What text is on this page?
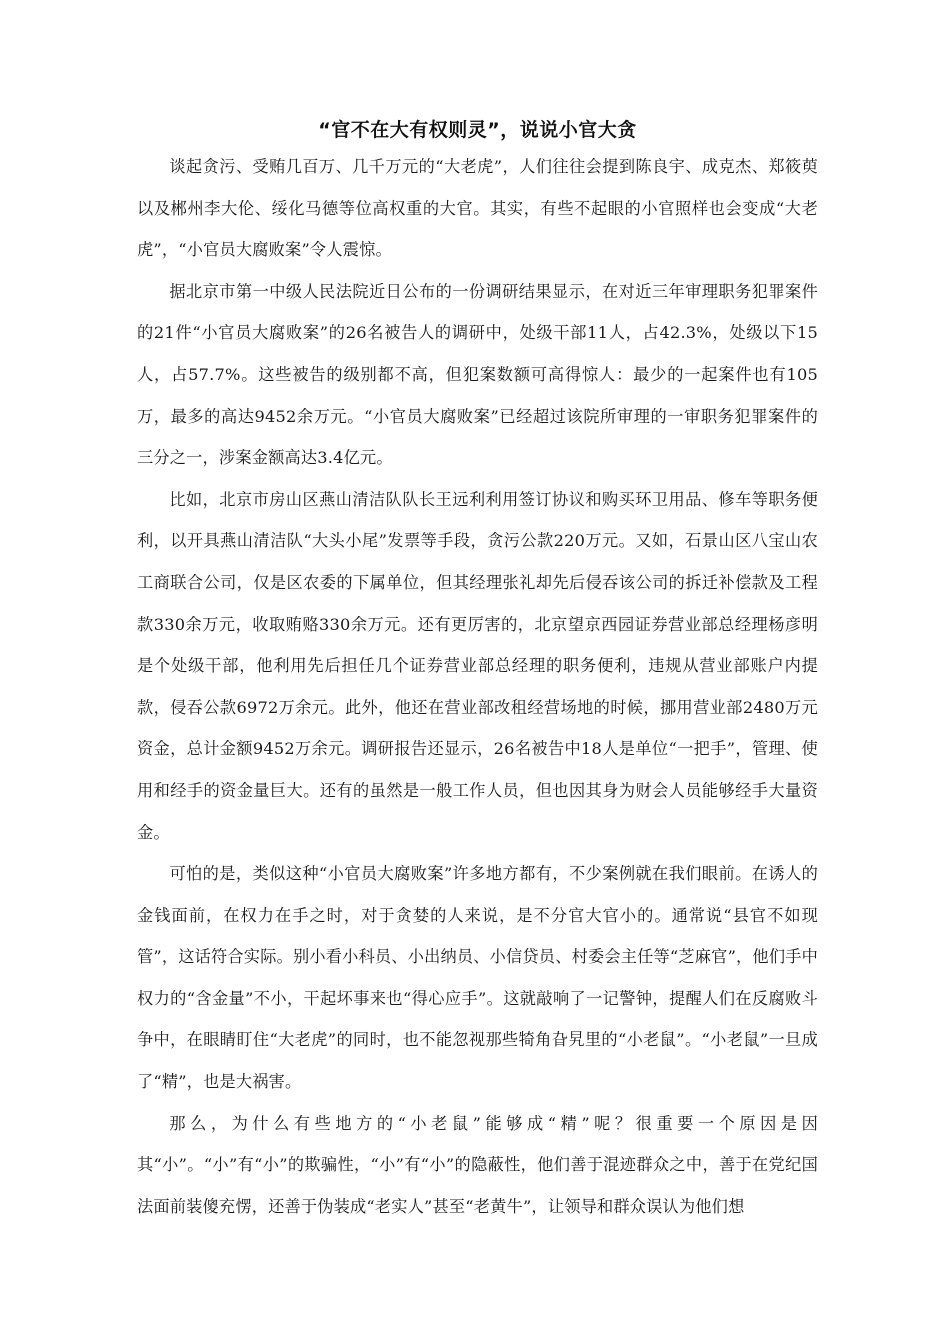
“官不在大有权则灵”，说说小官大贪

谈起贪污、受贿几百万、几千万元的“大老虎”，人们往往会提到陈良宇、成克杰、郑筱萸以及郴州李大伦、绥化马德等位高权重的大官。其实，有些不起眼的小官照样也会变成“大老虎”，“小官员大腐败案”令人震惊。

据北京市第一中级人民法院近日公布的一份调研结果显示，在对近三年审理职务犯罪案件的21件“小官员大腐败案”的26名被告人的调研中，处级干部11人，占42.3%，处级以下15人，占57.7%。这些被告的级别都不高，但犯案数额可高得惊人：最少的一起案件也有105万，最多的高达9452余万元。“小官员大腐败案”已经超过该院所审理的一审职务犯罪案件的三分之一，涉案金额高达3.4亿元。

比如，北京市房山区燕山清洁队队长王远利利用签订协议和购买环卫用品、修车等职务便利，以开具燕山清洁队“大头小尾”发票等手段，贪污公款220万元。又如，石景山区八宝山农工商联合公司，仅是区农委的下属单位，但其经理张礼却先后侵吞该公司的拆迁补偿款及工程款330余万元，收取贿赂330余万元。还有更厉害的，北京望京西园证券营业部总经理杨彦明是个处级干部，他利用先后担任几个证券营业部总经理的职务便利，违规从营业部账户内提款，侵吞公款6972万余元。此外，他还在营业部改租经营场地的时候，挪用营业部2480万元资金，总计金额9452万余元。调研报告还显示，26名被告中18人是单位“一把手”，管理、使用和经手的资金量巨大。还有的虽然是一般工作人员，但也因其身为财会人员能够经手大量资金。

可怕的是，类似这种“小官员大腐败案”许多地方都有，不少案例就在我们眼前。在诱人的金钱面前，在权力在手之时，对于贪婪的人来说，是不分官大官小的。通常说“县官不如现管”，这话符合实际。别小看小科员、小出纳员、小信贷员、村委会主任等“芝麻官”，他们手中权力的“含金量”不小，干起坏事来也“得心应手”。这就敲响了一记警钟，提醒人们在反腐败斗争中，在眼睛盯住“大老虎”的同时，也不能忽视那些犄角旮旯里的“小老鼠”。“小老鼠”一旦成了“精”，也是大祸害。

那么，为什么有些地方的“小老鼠”能够成“精”呢？很重要一个原因是因其“小”。“小”有“小”的欺骗性，“小”有“小”的隐蔽性，他们善于混迹群众之中，善于在党纪国法面前装傻充愣，还善于伪装成“老实人”甚至“老黄牛”，让领导和群众误认为他们想
